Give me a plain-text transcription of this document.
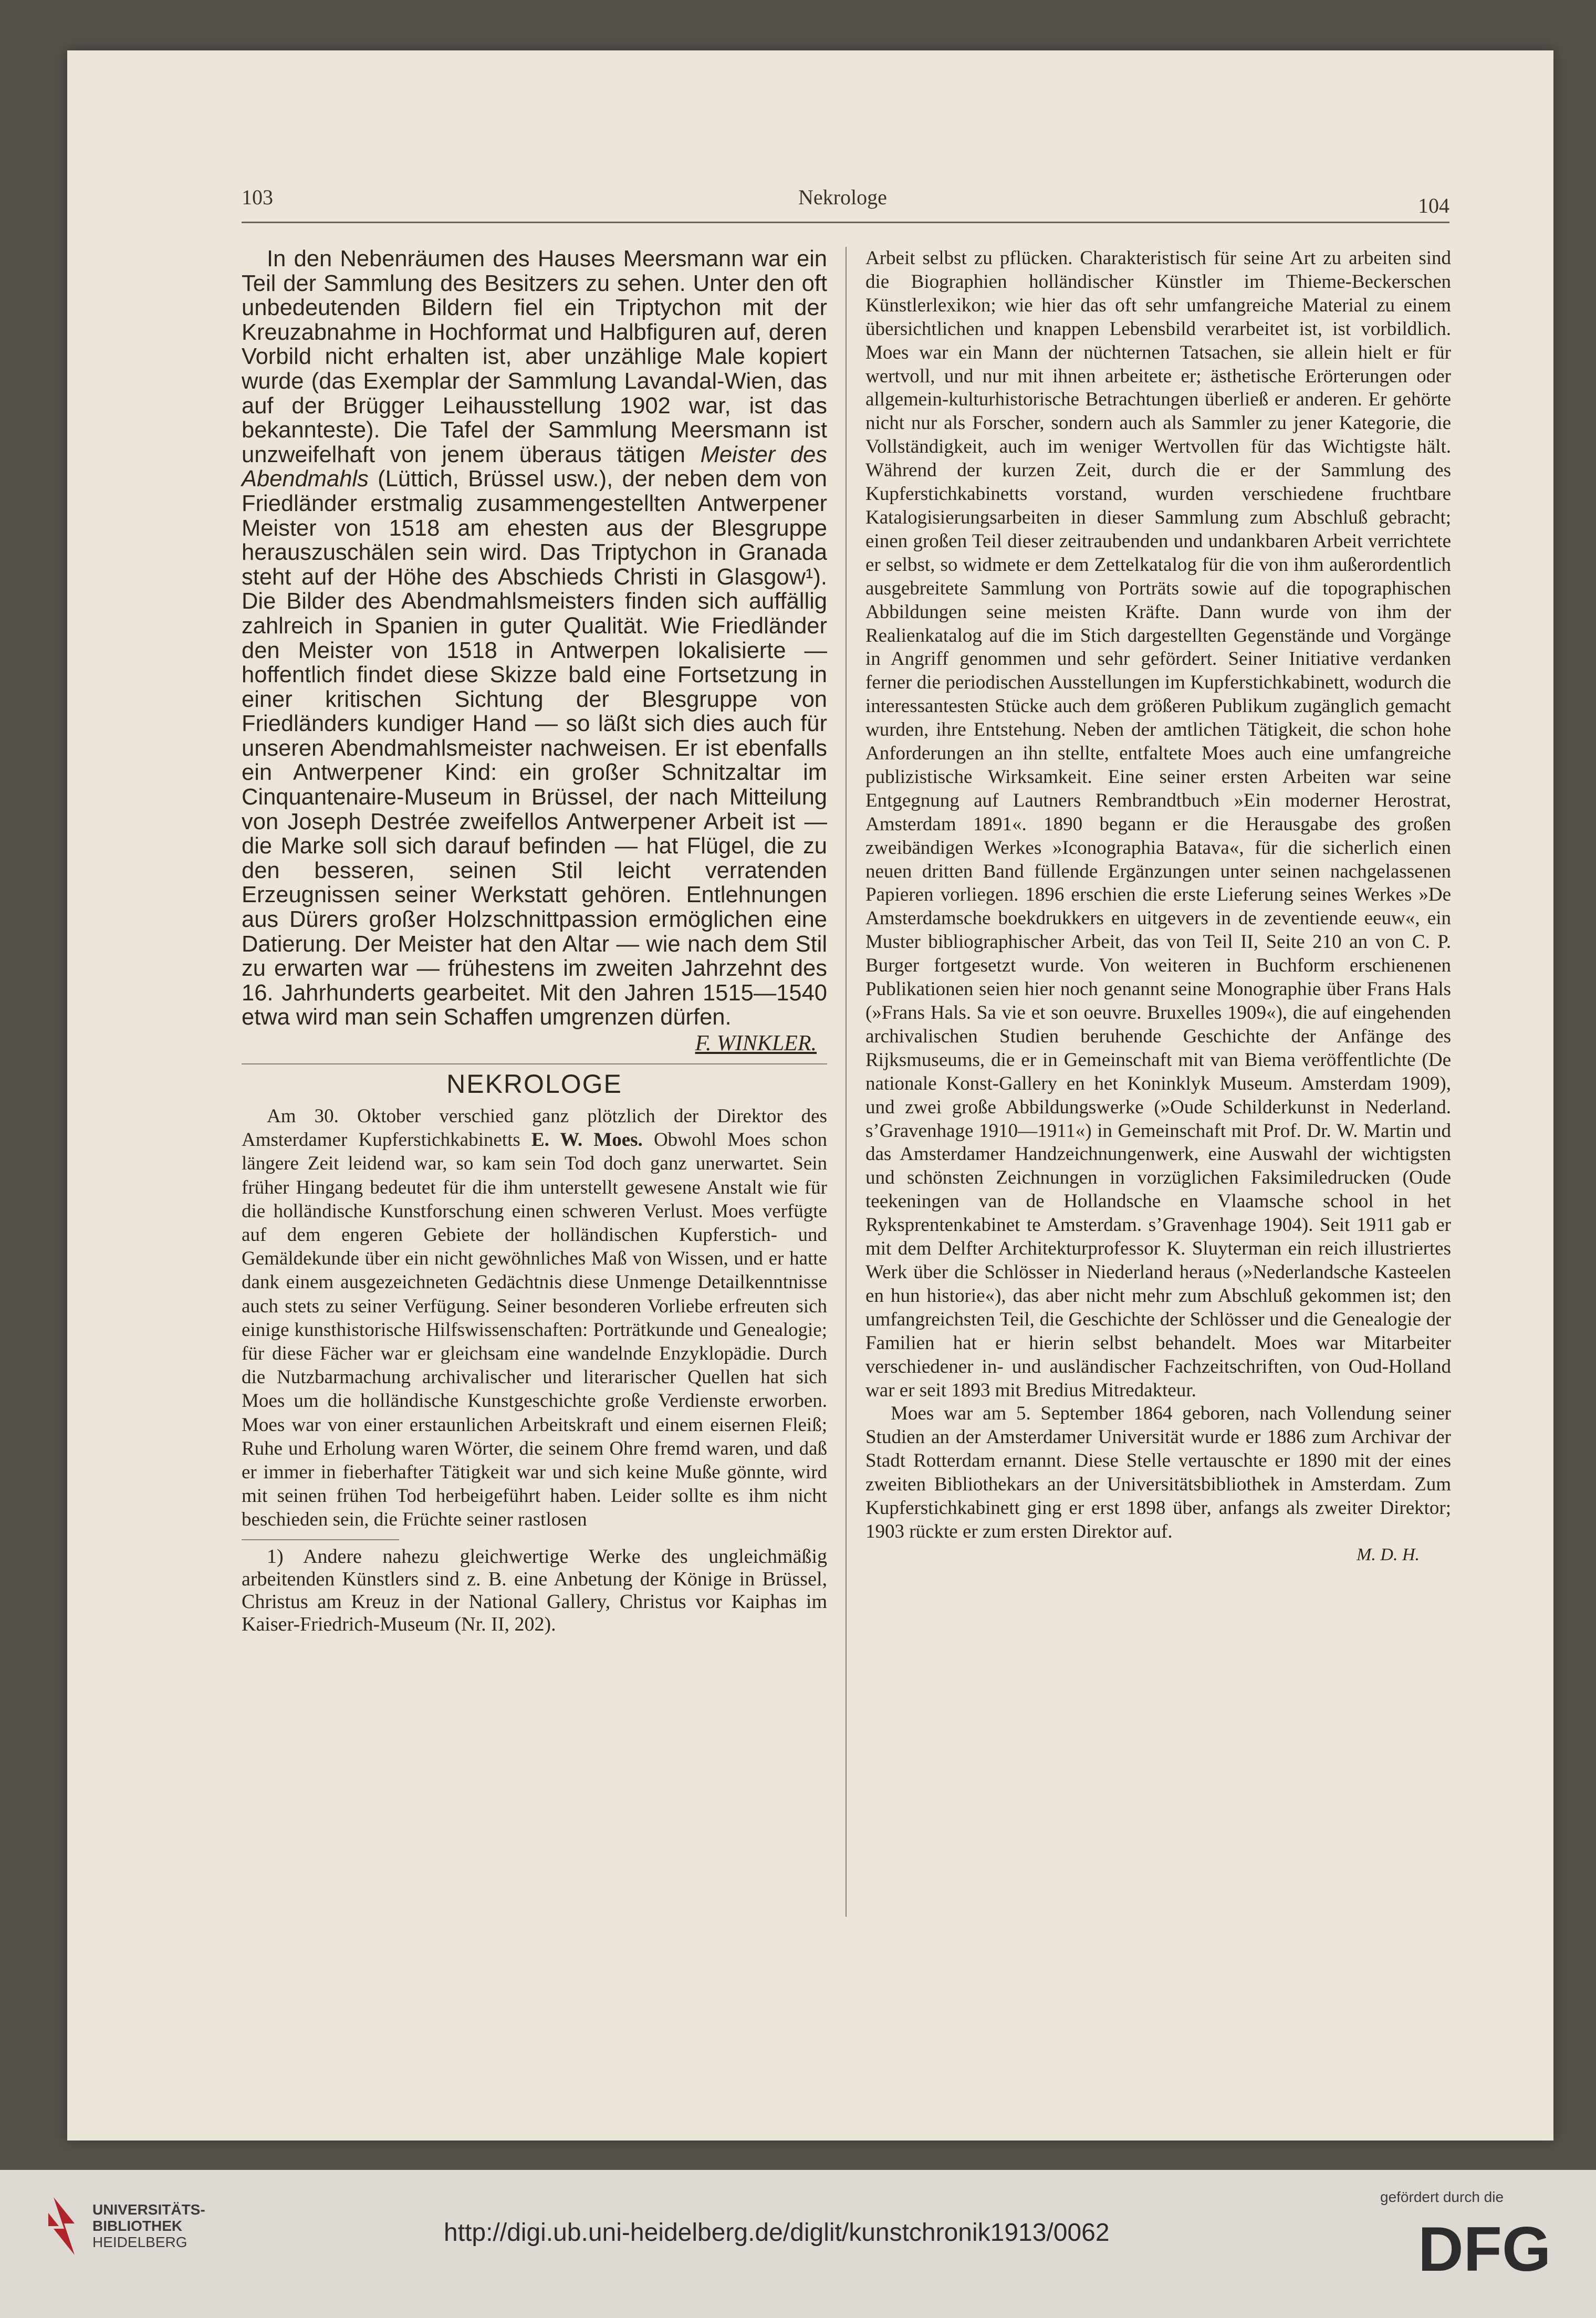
103	Nekrologe	104

In den Nebenräumen des Hauses Meersmann war ein Teil der Sammlung des Besitzers zu sehen. Unter den oft unbedeutenden Bildern fiel ein Triptychon mit der Kreuzabnahme in Hochformat und Halbfiguren auf, deren Vorbild nicht erhalten ist, aber unzählige Male kopiert wurde (das Exemplar der Sammlung Lavandal-Wien, das auf der Brügger Leihausstellung 1902 war, ist das bekannteste). Die Tafel der Sammlung Meersmann ist unzweifelhaft von jenem überaus tätigen Meister des Abendmahls (Lüttich, Brüssel usw.), der neben dem von Friedländer erstmalig zusammengestellten Antwerpener Meister von 1518 am ehesten aus der Blesgruppe herauszuschälen sein wird. Das Triptychon in Granada steht auf der Höhe des Abschieds Christi in Glasgow¹). Die Bilder des Abendmahlsmeisters finden sich auffällig zahlreich in Spanien in guter Qualität. Wie Friedländer den Meister von 1518 in Antwerpen lokalisierte — hoffentlich findet diese Skizze bald eine Fortsetzung in einer kritischen Sichtung der Blesgruppe von Friedländers kundiger Hand — so läßt sich dies auch für unseren Abendmahlsmeister nachweisen. Er ist ebenfalls ein Antwerpener Kind: ein großer Schnitzaltar im Cinquantenaire-Museum in Brüssel, der nach Mitteilung von Joseph Destrée zweifellos Antwerpener Arbeit ist — die Marke soll sich darauf befinden — hat Flügel, die zu den besseren, seinen Stil leicht verratenden Erzeugnissen seiner Werkstatt gehören. Entlehnungen aus Dürers großer Holzschnittpassion ermöglichen eine Datierung. Der Meister hat den Altar — wie nach dem Stil zu erwarten war — frühestens im zweiten Jahrzehnt des 16. Jahrhunderts gearbeitet. Mit den Jahren 1515—1540 etwa wird man sein Schaffen umgrenzen dürfen.

F. WINKLER.

NEKROLOGE

Am 30. Oktober verschied ganz plötzlich der Direktor des Amsterdamer Kupferstichkabinetts E. W. Moes. Obwohl Moes schon längere Zeit leidend war, so kam sein Tod doch ganz unerwartet. Sein früher Hingang bedeutet für die ihm unterstellt gewesene Anstalt wie für die holländische Kunstforschung einen schweren Verlust. Moes verfügte auf dem engeren Gebiete der holländischen Kupferstich- und Gemäldekunde über ein nicht gewöhnliches Maß von Wissen, und er hatte dank einem ausgezeichneten Gedächtnis diese Unmenge Detailkenntnisse auch stets zu seiner Verfügung. Seiner besonderen Vorliebe erfreuten sich einige kunsthistorische Hilfswissenschaften: Porträtkunde und Genealogie; für diese Fächer war er gleichsam eine wandelnde Enzyklopädie. Durch die Nutzbarmachung archivalischer und literarischer Quellen hat sich Moes um die holländische Kunstgeschichte große Verdienste erworben. Moes war von einer erstaunlichen Arbeitskraft und einem eisernen Fleiß; Ruhe und Erholung waren Wörter, die seinem Ohre fremd waren, und daß er immer in fieberhafter Tätigkeit war und sich keine Muße gönnte, wird mit seinen frühen Tod herbeigeführt haben. Leider sollte es ihm nicht beschieden sein, die Früchte seiner rastlosen

1) Andere nahezu gleichwertige Werke des ungleichmäßig arbeitenden Künstlers sind z. B. eine Anbetung der Könige in Brüssel, Christus am Kreuz in der National Gallery, Christus vor Kaiphas im Kaiser-Friedrich-Museum (Nr. II, 202).

Arbeit selbst zu pflücken. Charakteristisch für seine Art zu arbeiten sind die Biographien holländischer Künstler im Thieme-Beckerschen Künstlerlexikon; wie hier das oft sehr umfangreiche Material zu einem übersichtlichen und knappen Lebensbild verarbeitet ist, ist vorbildlich. Moes war ein Mann der nüchternen Tatsachen, sie allein hielt er für wertvoll, und nur mit ihnen arbeitete er; ästhetische Erörterungen oder allgemein-kulturhistorische Betrachtungen überließ er anderen. Er gehörte nicht nur als Forscher, sondern auch als Sammler zu jener Kategorie, die Vollständigkeit, auch im weniger Wertvollen für das Wichtigste hält. Während der kurzen Zeit, durch die er der Sammlung des Kupferstichkabinetts vorstand, wurden verschiedene fruchtbare Katalogisierungsarbeiten in dieser Sammlung zum Abschluß gebracht; einen großen Teil dieser zeitraubenden und undankbaren Arbeit verrichtete er selbst, so widmete er dem Zettelkatalog für die von ihm außerordentlich ausgebreitete Sammlung von Porträts sowie auf die topographischen Abbildungen seine meisten Kräfte. Dann wurde von ihm der Realienkatalog auf die im Stich dargestellten Gegenstände und Vorgänge in Angriff genommen und sehr gefördert. Seiner Initiative verdanken ferner die periodischen Ausstellungen im Kupferstichkabinett, wodurch die interessantesten Stücke auch dem größeren Publikum zugänglich gemacht wurden, ihre Entstehung. Neben der amtlichen Tätigkeit, die schon hohe Anforderungen an ihn stellte, entfaltete Moes auch eine umfangreiche publizistische Wirksamkeit. Eine seiner ersten Arbeiten war seine Entgegnung auf Lautners Rembrandtbuch »Ein moderner Herostrat, Amsterdam 1891«. 1890 begann er die Herausgabe des großen zweibändigen Werkes »Iconographia Batava«, für die sicherlich einen neuen dritten Band füllende Ergänzungen unter seinen nachgelassenen Papieren vorliegen. 1896 erschien die erste Lieferung seines Werkes »De Amsterdamsche boekdrukkers en uitgevers in de zeventiende eeuw«, ein Muster bibliographischer Arbeit, das von Teil II, Seite 210 an von C. P. Burger fortgesetzt wurde. Von weiteren in Buchform erschienenen Publikationen seien hier noch genannt seine Monographie über Frans Hals (»Frans Hals. Sa vie et son oeuvre. Bruxelles 1909«), die auf eingehenden archivalischen Studien beruhende Geschichte der Anfänge des Rijksmuseums, die er in Gemeinschaft mit van Biema veröffentlichte (De nationale Konst-Gallery en het Koninklyk Museum. Amsterdam 1909), und zwei große Abbildungswerke (»Oude Schilderkunst in Nederland. s’Gravenhage 1910—1911«) in Gemeinschaft mit Prof. Dr. W. Martin und das Amsterdamer Handzeichnungenwerk, eine Auswahl der wichtigsten und schönsten Zeichnungen in vorzüglichen Faksimiledrucken (Oude teekeningen van de Hollandsche en Vlaamsche school in het Ryksprentenkabinet te Amsterdam. s’Gravenhage 1904). Seit 1911 gab er mit dem Delfter Architekturprofessor K. Sluyterman ein reich illustriertes Werk über die Schlösser in Niederland heraus (»Nederlandsche Kasteelen en hun historie«), das aber nicht mehr zum Abschluß gekommen ist; den umfangreichsten Teil, die Geschichte der Schlösser und die Genealogie der Familien hat er hierin selbst behandelt. Moes war Mitarbeiter verschiedener in- und ausländischer Fachzeitschriften, von Oud-Holland war er seit 1893 mit Bredius Mitredakteur.

Moes war am 5. September 1864 geboren, nach Vollendung seiner Studien an der Amsterdamer Universität wurde er 1886 zum Archivar der Stadt Rotterdam ernannt. Diese Stelle vertauschte er 1890 mit der eines zweiten Bibliothekars an der Universitätsbibliothek in Amsterdam. Zum Kupferstichkabinett ging er erst 1898 über, anfangs als zweiter Direktor; 1903 rückte er zum ersten Direktor auf.

M. D. H.

UNIVERSITÄTS-
BIBLIOTHEK
HEIDELBERG	http://digi.ub.uni-heidelberg.de/diglit/kunstchronik1913/0062
gefördert durch die
DFG
